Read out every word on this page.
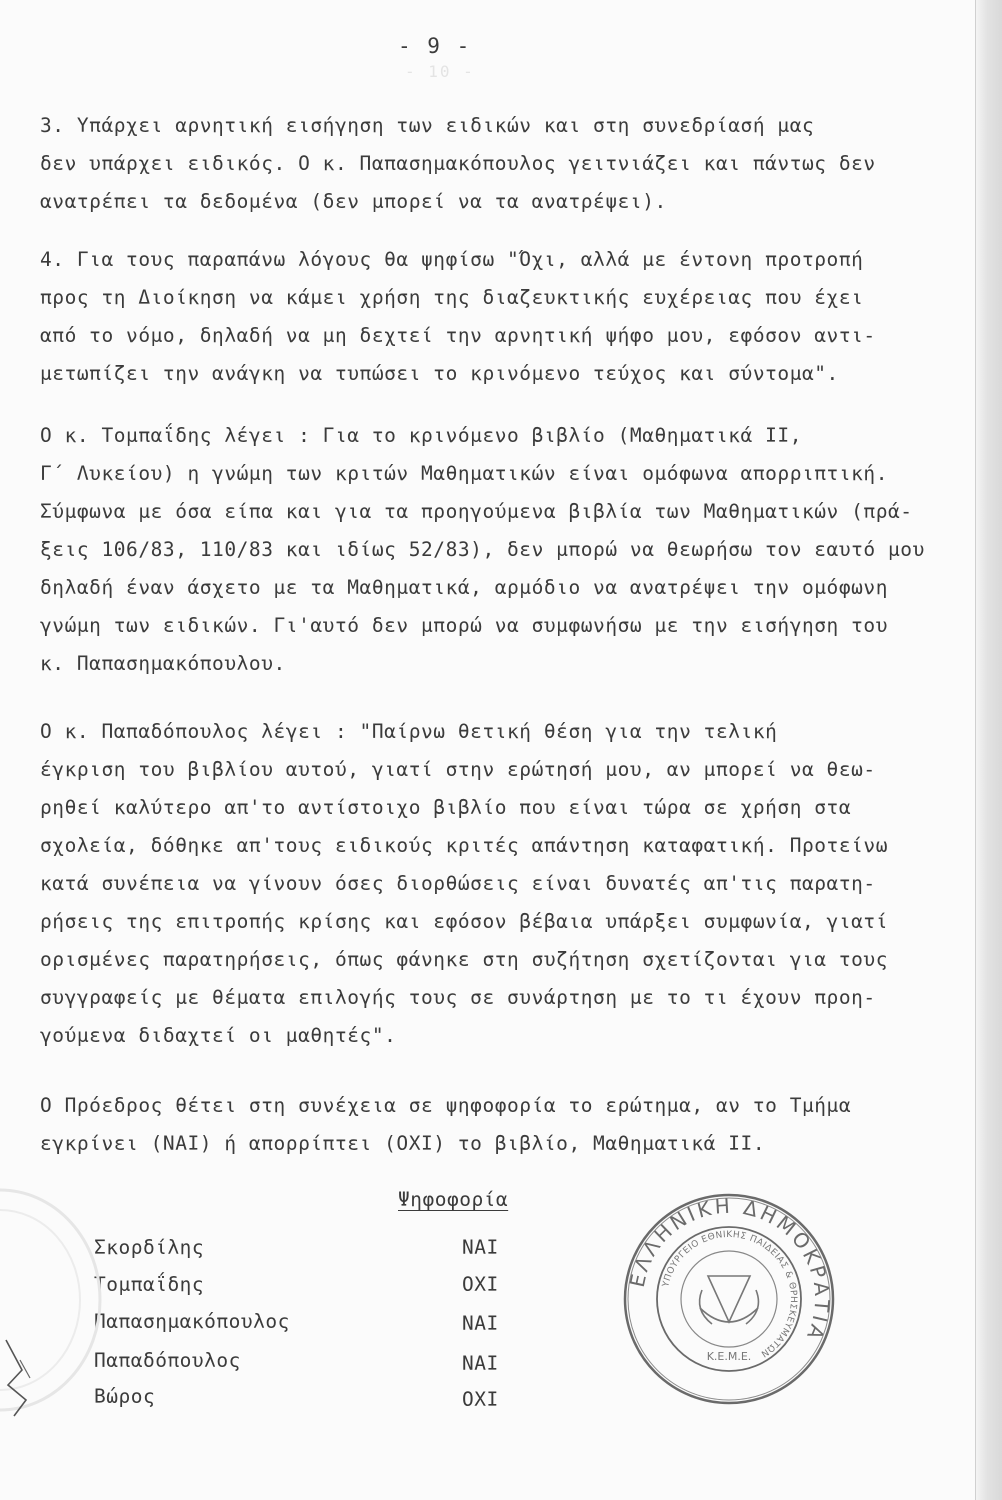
- 9 -
- 10 -
3. Υπάρχει αρνητική εισήγηση των ειδικών και στη συνεδρίασή μας
δεν υπάρχει ειδικός. Ο κ. Παπασημακόπουλος γειτνιάζει και πάντως δεν
ανατρέπει τα δεδομένα (δεν μπορεί να τα ανατρέψει).
4. Για τους παραπάνω λόγους θα ψηφίσω "Όχι, αλλά με έντονη προτροπή
προς τη Διοίκηση να κάμει χρήση της διαζευκτικής ευχέρειας που έχει
από το νόμο, δηλαδή να μη δεχτεί την αρνητική ψήφο μου, εφόσον αντι-
μετωπίζει την ανάγκη να τυπώσει το κρινόμενο τεύχος και σύντομα".
Ο κ. Τομπαΐδης λέγει : Για το κρινόμενο βιβλίο (Μαθηματικά ΙΙ,
Γ΄ Λυκείου) η γνώμη των κριτών Μαθηματικών είναι ομόφωνα απορριπτική.
Σύμφωνα με όσα είπα και για τα προηγούμενα βιβλία των Μαθηματικών (πρά-
ξεις 106/83, 110/83 και ιδίως 52/83), δεν μπορώ να θεωρήσω τον εαυτό μου
δηλαδή έναν άσχετο με τα Μαθηματικά, αρμόδιο να ανατρέψει την ομόφωνη
γνώμη των ειδικών. Γι'αυτό δεν μπορώ να συμφωνήσω με την εισήγηση του
κ. Παπασημακόπουλου.
Ο κ. Παπαδόπουλος λέγει : "Παίρνω θετική θέση για την τελική
έγκριση του βιβλίου αυτού, γιατί στην ερώτησή μου, αν μπορεί να θεω-
ρηθεί καλύτερο απ'το αντίστοιχο βιβλίο που είναι τώρα σε χρήση στα
σχολεία, δόθηκε απ'τους ειδικούς κριτές απάντηση καταφατική. Προτείνω
κατά συνέπεια να γίνουν όσες διορθώσεις είναι δυνατές απ'τις παρατη-
ρήσεις της επιτροπής κρίσης και εφόσον βέβαια υπάρξει συμφωνία, γιατί
ορισμένες παρατηρήσεις, όπως φάνηκε στη συζήτηση σχετίζονται για τους
συγγραφείς με θέματα επιλογής τους σε συνάρτηση με το τι έχουν προη-
γούμενα διδαχτεί οι μαθητές".
Ο Πρόεδρος θέτει στη συνέχεια σε ψηφοφορία το ερώτημα, αν το Τμήμα
εγκρίνει (ΝΑΙ) ή απορρίπτει (ΟΧΙ) το βιβλίο, Μαθηματικά ΙΙ.
Ψηφοφορία
Σκορδίλης	ΝΑΙ
Τομπαΐδης	ΟΧΙ
Παπασημακόπουλος	ΝΑΙ
Παπαδόπουλος	ΝΑΙ
Βώρος	ΟΧΙ
ΕΛΛΗΝΙΚΗ ΔΗΜΟΚΡΑΤΙΑ
ΥΠΟΥΡΓΕΙΟ ΕΘΝΙΚΗΣ ΠΑΙΔΕΙΑΣ & ΘΡΗΣΚΕΥΜΑΤΩΝ
Κ.Ε.Μ.Ε.
